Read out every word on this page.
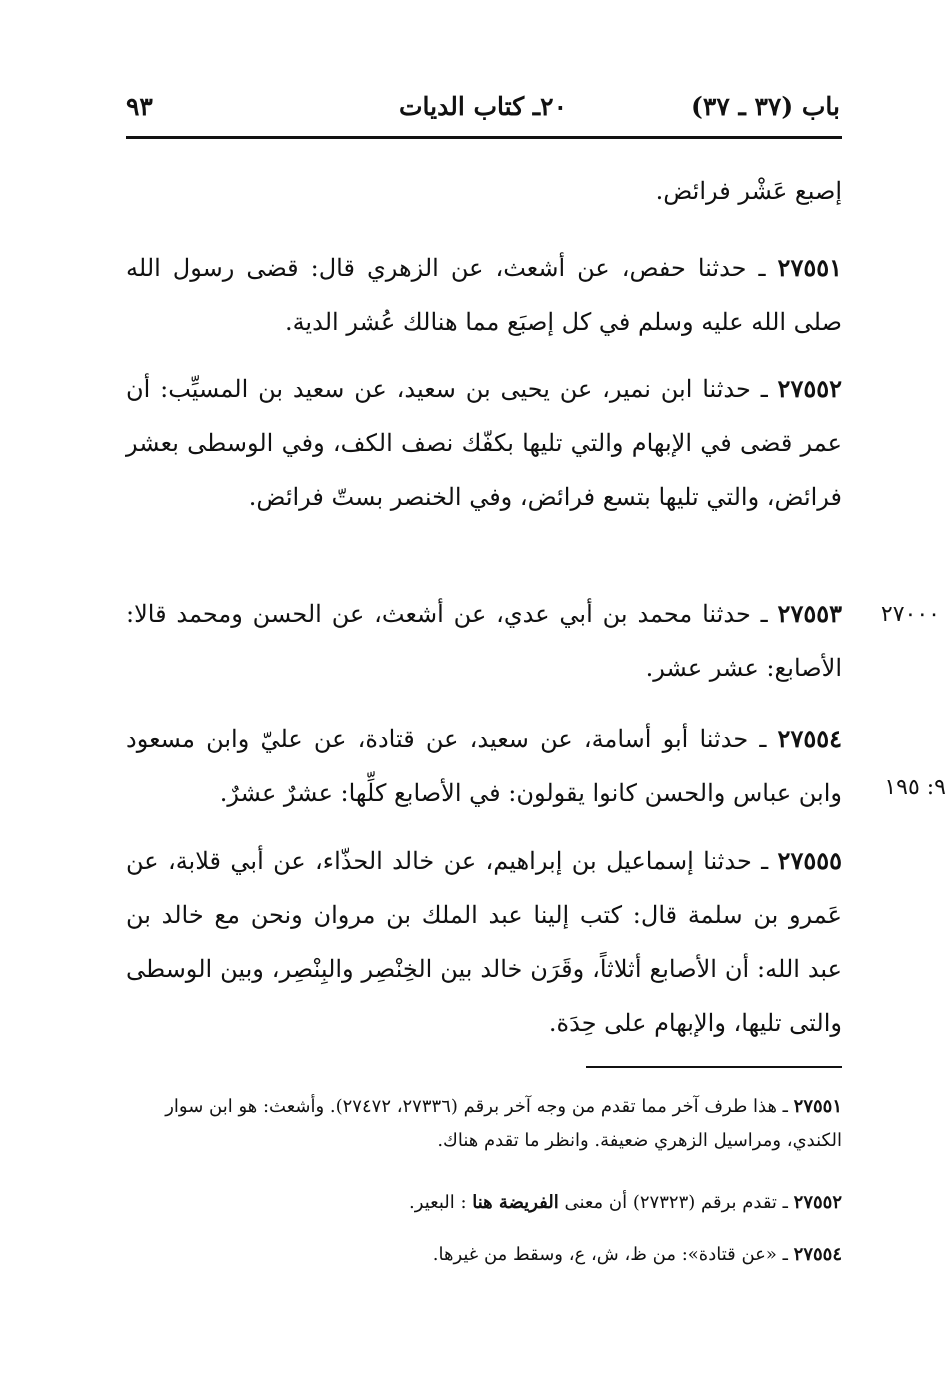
باب (٣٧ ـ ٣٧)
٢٠ـ كتاب الديات
٩٣

إصبع عَشْر فرائض.

٢٧٥٥١ ـ حدثنا حفص، عن أشعث، عن الزهري قال: قضى رسول الله صلى الله عليه وسلم في كل إصبَع مما هنالك عُشر الدية.

٢٧٥٥٢ ـ حدثنا ابن نمير، عن يحيى بن سعيد، عن سعيد بن المسيِّب: أن عمر قضى في الإبهام والتي تليها بكفّك نصف الكف، وفي الوسطى بعشر فرائض، والتي تليها بتسع فرائض، وفي الخنصر بستّ فرائض.

٢٧٥٥٣ ـ حدثنا محمد بن أبي عدي، عن أشعث، عن الحسن ومحمد قالا: الأصابع: عشر عشر.

٢٧٠٠٠

٢٧٥٥٤ ـ حدثنا أبو أسامة، عن سعيد، عن قتادة، عن عليّ وابن مسعود وابن عباس والحسن كانوا يقولون: في الأصابع كلِّها: عشرٌ عشرٌ. ٩: ١٩٥

٢٧٥٥٥ ـ حدثنا إسماعيل بن إبراهيم، عن خالد الحذّاء، عن أبي قلابة، عن عَمرو بن سلمة قال: كتب إلينا عبد الملك بن مروان ونحن مع خالد بن عبد الله: أن الأصابع أثلاثاً، وقَرَن خالد بين الخِنْصِر والبِنْصِر، وبين الوسطى والتى تليها، والإبهام على حِدَة.

٢٧٥٥١ ـ هذا طرف آخر مما تقدم من وجه آخر برقم (٢٧٣٣٦، ٢٧٤٧٢). وأشعث: هو ابن سوار الكندي، ومراسيل الزهري ضعيفة. وانظر ما تقدم هناك.

٢٧٥٥٢ ـ تقدم برقم (٢٧٣٢٣) أن معنى الفريضة هنا : البعير.

٢٧٥٥٤ ـ «عن قتادة»: من ظ، ش، ع، وسقط من غيرها.
